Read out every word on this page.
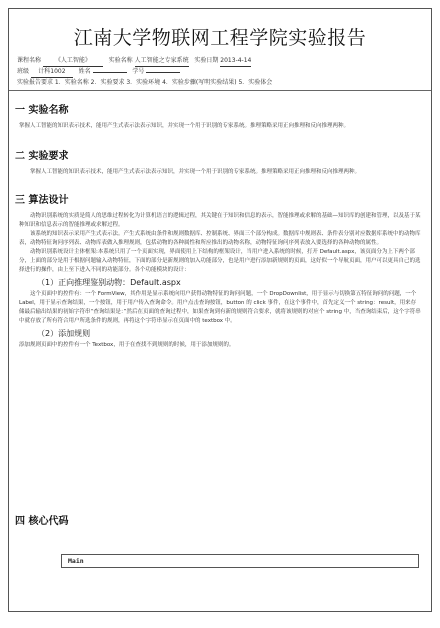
江南大学物联网工程学院实验报告
课程名称 《人工智能》	实验名称 人工智能之专家系统 实验日期 2013-4-14
班级 计科1002 姓名	学号
实验报告要求 1．实验名称 2．实验要求 3．实验环境 4．实验步骤(写明实验结果) 5．实验体会
一 实验名称
掌握人工智能的知识表示技术，能用产生式表示法表示知识，并实现一个用于识别的专家系统。推理策略采用正向推理和反向推理两种。
二 实验要求
掌握人工智能的知识表示技术，能用产生式表示法表示知识，并实现一个用于识别的专家系统。推理策略采用正向推理和反向推理两种。
三 算法设计
动物识别系统的实质是简人的思维过程转化为计算机语言的逻辑过程，其关键在于知识和信息的表示，智能推理或求解的基础—知识库的创建和管理，以及基于某种知识和信息表示的智能推理或求解过程。
该系统的知识表示采用产生式表示法。产生式系统由条件和规则数据库、控制系统、界面三个部分构成。数据库中规则表、条件表分别对应数据库系统中的动物库表，动物特征询问序列表、动物库表做入推理规则，包括动物的各种属性和所应推出的动物名称，动物特征询问序列表放入要选择的各种动物的属性。
动物识别系统设计主体框架:本系统只用了一个页面实现，界面使用上下结构的框架设计，当用户进入系统的时候，打开 Default.aspx，该页面分为上下两个部分，上面的部分是用于根据问题输入动物特征，下面的部分是新规则的加入功能部分，也是用户进行添加新规则的页面，这好似一个导航页面，用户可以更具自己的选择进行的操作，由上至下进入不同的功能部分。各个功能模块的设计：
（1）正向推理鉴别动物：Default.aspx
这个页面中的控件有：一个 FormView，其作用是显示系统向用户获得动物特征的询问问题，一个 DropDownlist，用于显示与切换第五特征询问的问题，一个 Label，用于显示查询结果，一个按钮，用于用户传入查询命令。用户点击查询按钮，button 的 click 事件，在这个事件中，首先定义一个 string：result，用来存储最后输出结果的初始字符串“查询结果是：”然后在页面的查询过程中，如果查询到有新的规则符合要求，就将该规则的对应个 string 中，当查询结束后，这个字符串中就存放了所有符合用户所选条件的规则，再将这个字符串显示在页面中的 textbox 中。
（2）添加规则
添加规则页面中的控件有一个 Textbox，用于在查找不到规则的时候，用于添加规则的。
四 核心代码
Main
